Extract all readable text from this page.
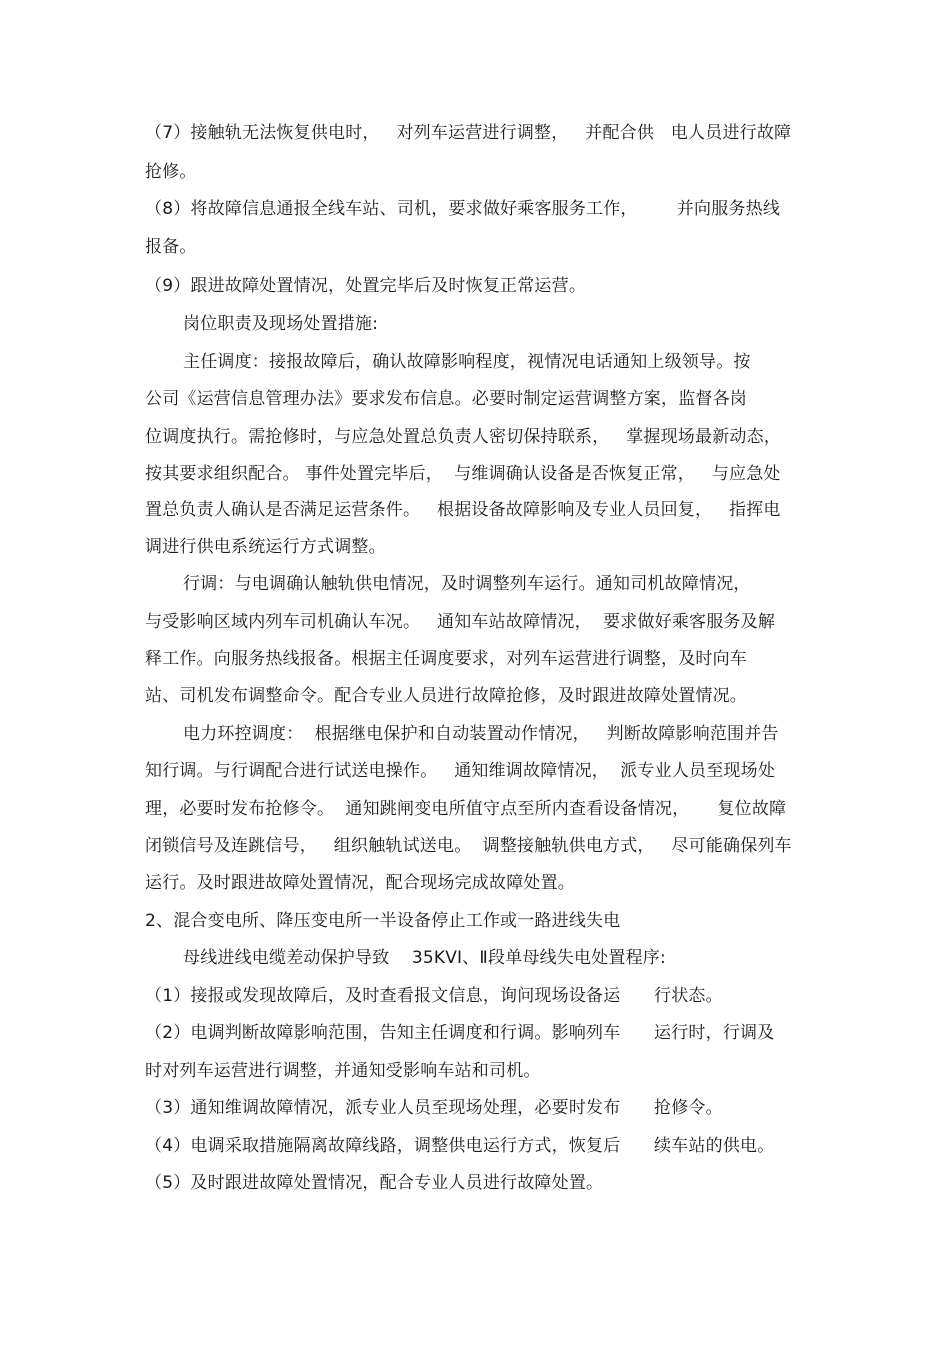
（7）接触轨无法恢复供电时，   对列车运营进行调整，   并配合供   电人员进行故障
抢修。
（8）将故障信息通报全线车站、司机，要求做好乘客服务工作，       并向服务热线
报备。
（9）跟进故障处置情况，处置完毕后及时恢复正常运营。
岗位职责及现场处置措施:
主任调度：接报故障后，确认故障影响程度，视情况电话通知上级领导。按
公司《运营信息管理办法》要求发布信息。必要时制定运营调整方案，监督各岗
位调度执行。需抢修时，与应急处置总负责人密切保持联系，   掌握现场最新动态，
按其要求组织配合。 事件处置完毕后，  与维调确认设备是否恢复正常，   与应急处
置总负责人确认是否满足运营条件。   根据设备故障影响及专业人员回复，   指挥电
调进行供电系统运行方式调整。
行调：与电调确认触轨供电情况，及时调整列车运行。通知司机故障情况，
与受影响区域内列车司机确认车况。   通知车站故障情况，  要求做好乘客服务及解
释工作。向服务热线报备。根据主任调度要求，对列车运营进行调整，及时向车
站、司机发布调整命令。配合专业人员进行故障抢修，及时跟进故障处置情况。
电力环控调度：  根据继电保护和自动装置动作情况，   判断故障影响范围并告
知行调。与行调配合进行试送电操作。   通知维调故障情况，  派专业人员至现场处
理，必要时发布抢修令。  通知跳闸变电所值守点至所内查看设备情况，     复位故障
闭锁信号及连跳信号，   组织触轨试送电。  调整接触轨供电方式，   尽可能确保列车
运行。及时跟进故障处置情况，配合现场完成故障处置。
2、混合变电所、降压变电所一半设备停止工作或一路进线失电
母线进线电缆差动保护导致    35KVⅠ、Ⅱ段单母线失电处置程序:
（1）接报或发现故障后，及时查看报文信息，询问现场设备运      行状态。
（2）电调判断故障影响范围，告知主任调度和行调。影响列车      运行时，行调及
时对列车运营进行调整，并通知受影响车站和司机。
（3）通知维调故障情况，派专业人员至现场处理，必要时发布      抢修令。
（4）电调采取措施隔离故障线路，调整供电运行方式，恢复后      续车站的供电。
（5）及时跟进故障处置情况，配合专业人员进行故障处置。
